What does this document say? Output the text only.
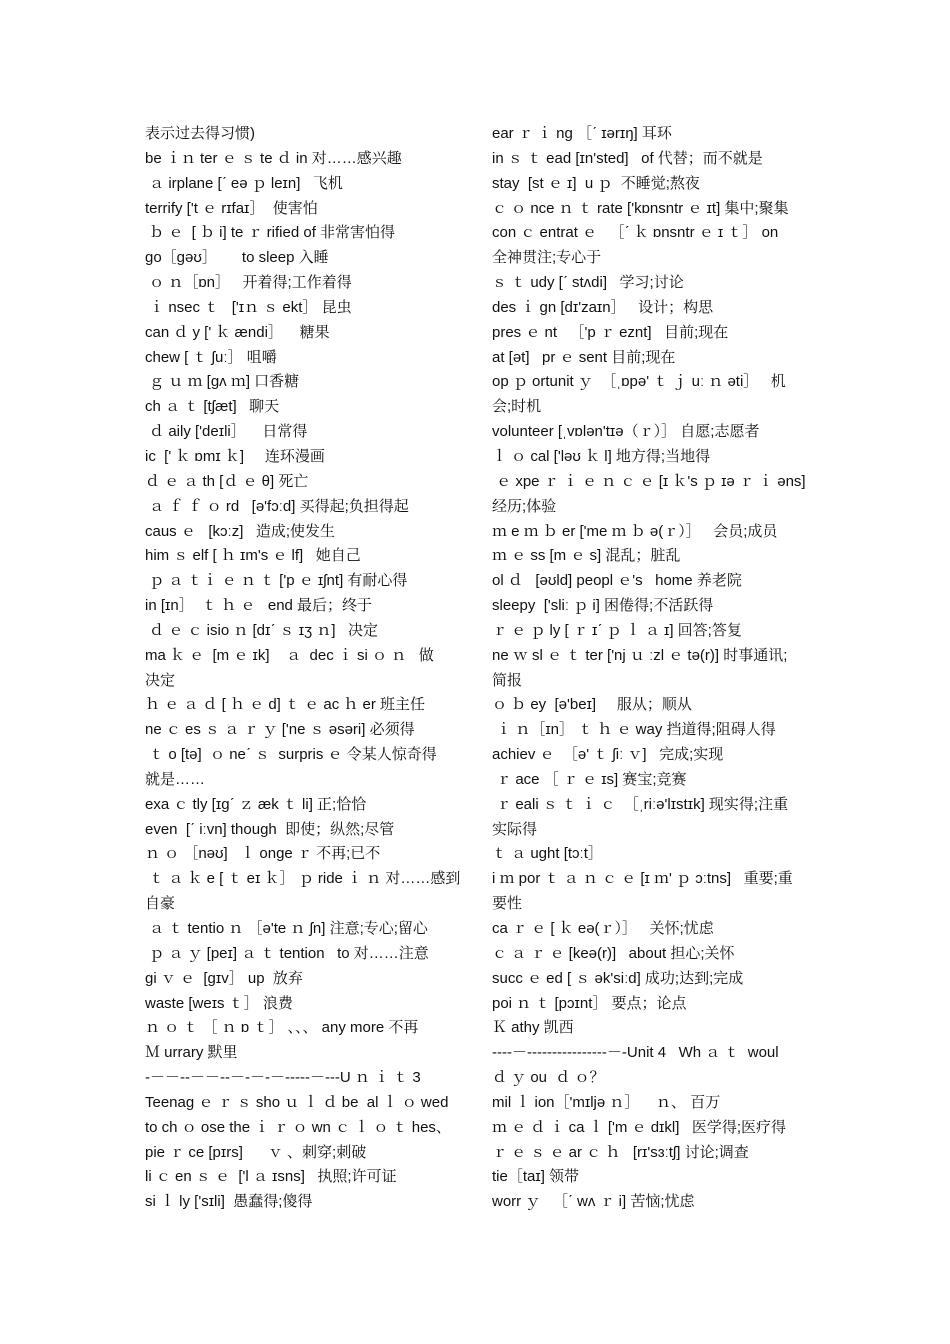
表示过去得习惯)
be ｉｎ ter ｅ ｓ te ｄ in 对……感兴趣
ａ irplane [ˊ eə ｐ leɪn]   飞机
terrify ['t ｅ rɪfaɪ］  使害怕
ｂ ｅ  [ ｂ i] te ｒ rified of 非常害怕得
go［gəʊ］      to sleep 入睡
ｏ ｎ［ɒn］   开着得;工作着得
ｉ nsec ｔ   ['ɪｎ ｓ ekt］ 昆虫
can ｄ y [' ｋ ændi］    糖果
chew [ ｔ ʃuː］ 咀嚼
ｇ ｕ ｍ [gʌ ｍ] 口香糖
ch ａ ｔ [tʃæt]   聊天
ｄ aily ['deɪli］    日常得
ic  [' ｋ ɒmɪ ｋ]     连环漫画
ｄ ｅ ａ th [ｄ ｅ θ] 死亡
ａ ｆ ｆ ｏ rd   [ə'fɔːd] 买得起;负担得起
caus ｅ   [kɔːz]   造成;使发生
him ｓ elf [ ｈ ɪm's ｅ lf]   她自己
ｐ ａ ｔｉ ｅ ｎ ｔ ['p ｅ ɪʃnt] 有耐心得
in [ɪn］  ｔ ｈ ｅ   end 最后；终于
ｄ ｅ ｃ isio ｎ [dɪˊ ｓ ɪʒ ｎ]   决定
ma ｋ ｅ  [m ｅ ɪk]    ａ  dec ｉ si ｏ ｎ   做
决定
ｈ ｅ ａ ｄ [ ｈ ｅ d] ｔ ｅ ac ｈ er 班主任
ne ｃ es ｓ ａ ｒ ｙ ['ne ｓ əsəri] 必须得
ｔ o [tə]  ｏ neˊ ｓ  surpris ｅ 令某人惊奇得
就是……
exa ｃ tly [ɪgˊ ｚ æk ｔ li] 正;恰恰
even  [ˊ iːvn] though  即使；纵然;尽管
ｎ ｏ ［nəʊ]   ｌ onge ｒ 不再;已不
ｔ ａ ｋ e [ ｔ eɪ ｋ］ ｐ ride ｉ ｎ 对……感到
自豪
ａ ｔ tentio ｎ ［ə'te ｎ ʃn] 注意;专心;留心
ｐ ａ ｙ [peɪ] ａ ｔ tention   to 对……注意
gi ｖ ｅ  [gɪv］ up  放弃
waste [weɪs ｔ］ 浪费
ｎ ｏ ｔ ［ ｎ ɒ ｔ］ 、、、 any more 不再
Ｍ urrary 默里
-－－--－－--－-－-－-----－---U ｎ ｉ ｔ 3
Teenag ｅ ｒ ｓ sho ｕ ｌ ｄ be  al ｌ ｏ wed
to ch ｏ ose the ｉ ｒ ｏ wn ｃ ｌ ｏ ｔ hes、
pie ｒ ce [pɪrs]      ｖ 、刺穿;刺破
li ｃ en ｓ ｅ  ['l ａ ɪsns]   执照;许可证
si ｌ ly ['sɪli]  愚蠢得;傻得
ear ｒ ｉ ng ［ˊ ɪərɪŋ] 耳环
in ｓ ｔ ead [ɪn'sted]   of 代替；而不就是
stay  [st ｅ ɪ]  u ｐ  不睡觉;熬夜
ｃ ｏ nce ｎ ｔ rate ['kɒnsntr ｅ ɪt] 集中;聚集
con ｃ entrat ｅ   ［ˊ ｋ ɒnsntr ｅ ɪ ｔ］ on
全神贯注;专心于
ｓ ｔ udy [ˊ stʌdi]   学习;讨论
des ｉ gn [dɪ'zaɪn］   设计；构思
pres ｅ nt   ［'p ｒ eznt]   目前;现在
at [ət]   pr ｅ sent 目前;现在
op ｐ ortunit ｙ  ［ˌɒpə' ｔ ｊ uː ｎ əti］   机
会;时机
volunteer [ˌvɒlən'tɪə（ｒ）］ 自愿;志愿者
ｌ ｏ cal ['ləʊ ｋ l] 地方得;当地得
ｅ xpe ｒ ｉ ｅ ｎ ｃ ｅ [ɪ ｋ's ｐ ɪə ｒ ｉ əns]
经历;体验
ｍ e ｍ ｂ er ['me ｍ ｂ ə(ｒ）］   会员;成员
ｍ ｅ ss [m ｅ s] 混乱；脏乱
ol ｄ   [əʊld] peopl ｅ's   home 养老院
sleepy  ['sliː ｐ i] 困倦得;不活跃得
ｒ ｅ ｐ ly [ ｒ ɪˊ ｐ ｌ ａ ɪ] 回答;答复
ne ｗ sl ｅ ｔ ter ['nj ｕ ːzl ｅ tə(r)] 时事通讯;
简报
ｏ ｂ ey  [ə'beɪ]     服从；顺从
ｉ ｎ［ɪn］ ｔ ｈ ｅ way 挡道得;阻碍人得
achiev ｅ  ［ə' ｔ ʃiː ｖ]   完成;实现
ｒ ace ［ ｒ ｅ ɪs] 赛宝;竞赛
ｒ eali ｓ ｔ ｉ ｃ  ［ˌriːə'lɪstɪk] 现实得;注重
实际得
ｔ ａ ught [tɔːt］
i ｍ por ｔ ａ ｎ ｃ ｅ [ɪ ｍ' ｐ ɔːtns]   重要;重
要性
ca ｒ ｅ [ ｋ eə(ｒ）］   关怀;忧虑
ｃ ａ ｒ ｅ [keə(r)]   about 担心;关怀
succ ｅ ed [ ｓ ək'siːd] 成功;达到;完成
poi ｎ ｔ [pɔɪnt］ 要点；论点
Ｋ athy 凯西
----－----------------－-Unit 4   Wh ａ ｔ  woul
ｄ ｙ ou  ｄ ｏ？
mil ｌ ion［'mɪljə ｎ］    ｎ、 百万
ｍ ｅ ｄ ｉ ca ｌ ['m ｅ dɪkl]   医学得;医疗得
ｒ ｅ ｓ ｅ ar ｃ ｈ   [rɪ'sɜːtʃ] 讨论;调查
tie［taɪ] 领带
worr ｙ   ［ˊ wʌ ｒ i] 苦恼;忧虑
